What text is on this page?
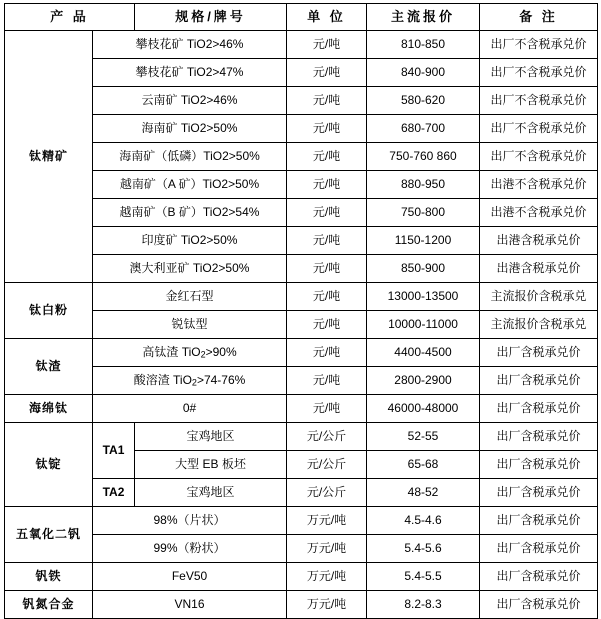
产 品		规格/牌号	单 位	主流报价	备 注
钛精矿	攀枝花矿 TiO2>46%		元/吨	810-850	出厂不含税承兑价
	攀枝花矿 TiO2>47%		元/吨	840-900	出厂不含税承兑价
	云南矿 TiO2>46%		元/吨	580-620	出厂不含税承兑价
	海南矿 TiO2>50%		元/吨	680-700	出厂不含税承兑价
	海南矿（低磷）TiO2>50%		元/吨	750-760 860	出厂不含税承兑价
	越南矿（A 矿）TiO2>50%		元/吨	880-950	出港不含税承兑价
	越南矿（B 矿）TiO2>54%		元/吨	750-800	出港不含税承兑价
	印度矿 TiO2>50%		元/吨	1150-1200	出港含税承兑价
	澳大利亚矿 TiO2>50%		元/吨	850-900	出港含税承兑价
钛白粉	金红石型		元/吨	13000-13500	主流报价含税承兑
	锐钛型		元/吨	10000-11000	主流报价含税承兑
钛渣	高钛渣 TiO2>90%		元/吨	4400-4500	出厂含税承兑价
	酸溶渣 TiO2>74-76%		元/吨	2800-2900	出厂含税承兑价
海绵钛	0#		元/吨	46000-48000	出厂含税承兑价
钛锭	TA1	宝鸡地区	元/公斤	52-55	出厂含税承兑价
		大型 EB 板坯	元/公斤	65-68	出厂含税承兑价
	TA2	宝鸡地区	元/公斤	48-52	出厂含税承兑价
五氧化二钒	98%（片状）		万元/吨	4.5-4.6	出厂含税承兑价
	99%（粉状）		万元/吨	5.4-5.6	出厂含税承兑价
钒铁	FeV50		万元/吨	5.4-5.5	出厂含税承兑价
钒氮合金	VN16		万元/吨	8.2-8.3	出厂含税承兑价
